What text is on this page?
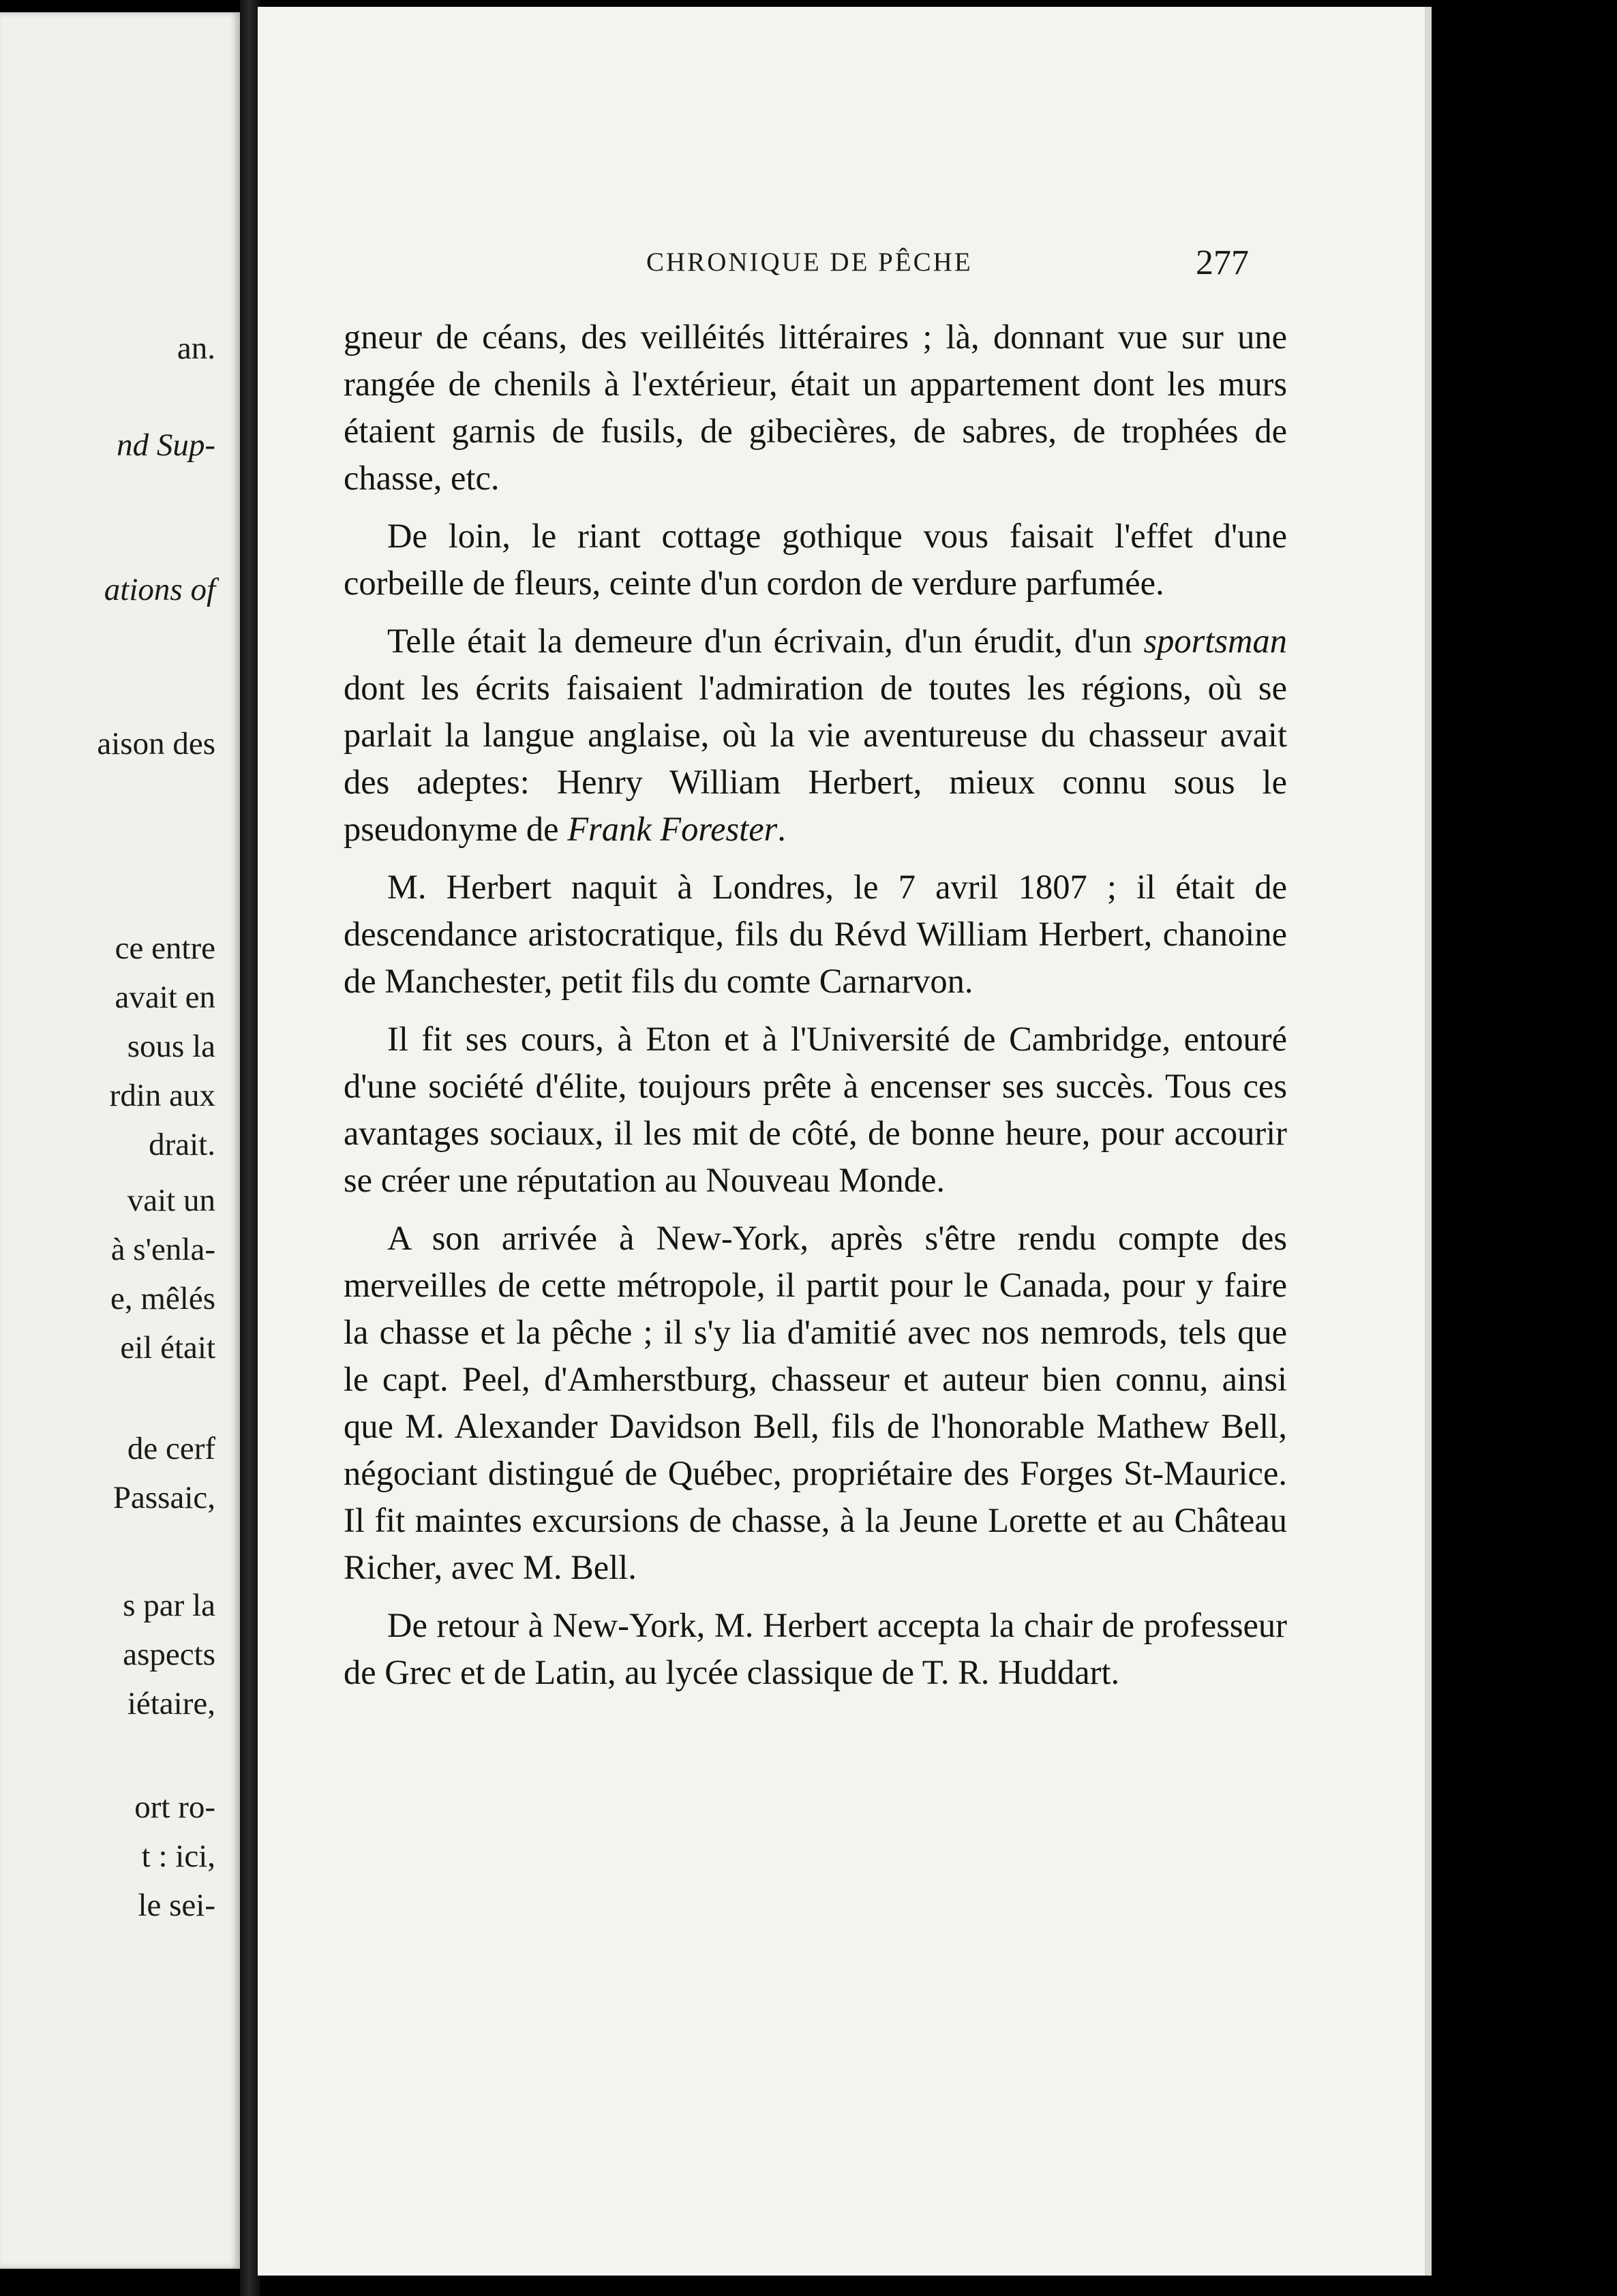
an.

nd Sup-

ations of

aison des

ce entre

avait en

sous la

rdin aux

drait.

vait un

à s'enla-

e, mêlés

eil était

de cerf

Passaic,

s par la

aspects

iétaire,

ort ro-

t : ici,

le sei-

CHRONIQUE DE PÊCHE	277

gneur de céans, des veilléités littéraires ; là, donnant vue sur une rangée de chenils à l'extérieur, était un appartement dont les murs étaient garnis de fusils, de gibecières, de sabres, de trophées de chasse, etc.

De loin, le riant cottage gothique vous faisait l'effet d'une corbeille de fleurs, ceinte d'un cordon de verdure parfumée.

Telle était la demeure d'un écrivain, d'un érudit, d'un sportsman dont les écrits faisaient l'admiration de toutes les régions, où se parlait la langue anglaise, où la vie aventureuse du chasseur avait des adeptes: Henry William Herbert, mieux connu sous le pseudonyme de Frank Forester.

M. Herbert naquit à Londres, le 7 avril 1807 ; il était de descendance aristocratique, fils du Révd William Herbert, chanoine de Manchester, petit fils du comte Carnarvon.

Il fit ses cours, à Eton et à l'Université de Cambridge, entouré d'une société d'élite, toujours prête à encenser ses succès. Tous ces avantages sociaux, il les mit de côté, de bonne heure, pour accourir se créer une réputation au Nouveau Monde.

A son arrivée à New-York, après s'être rendu compte des merveilles de cette métropole, il partit pour le Canada, pour y faire la chasse et la pêche ; il s'y lia d'amitié avec nos nemrods, tels que le capt. Peel, d'Amherstburg, chasseur et auteur bien connu, ainsi que M. Alexander Davidson Bell, fils de l'honorable Mathew Bell, négociant distingué de Québec, propriétaire des Forges St-Maurice. Il fit maintes excursions de chasse, à la Jeune Lorette et au Château Richer, avec M. Bell.

De retour à New-York, M. Herbert accepta la chair de professeur de Grec et de Latin, au lycée classique de T. R. Huddart.
